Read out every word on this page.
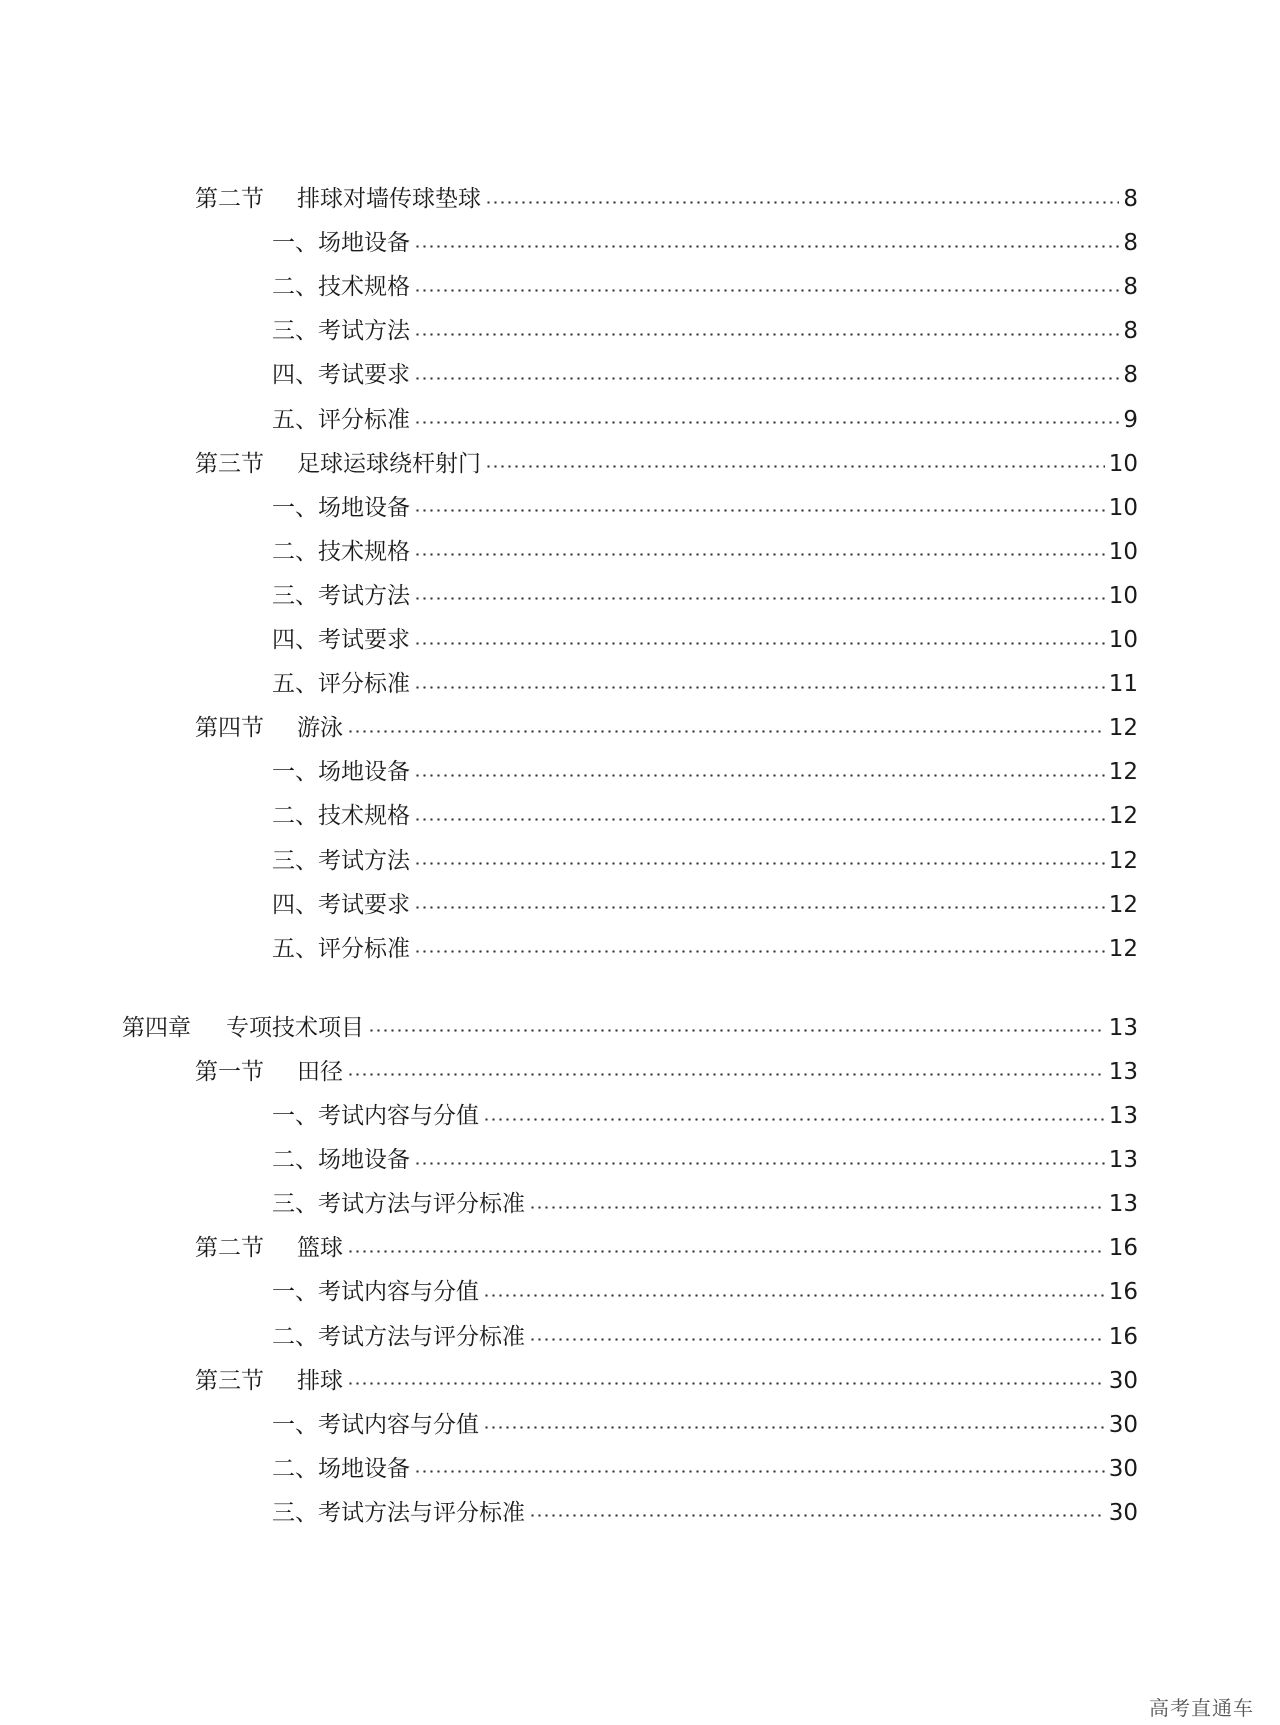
第二节	排球对墙传球垫球	8
一、 场地设备	8
二、 技术规格	8
三、 考试方法	8
四、 考试要求	8
五、 评分标准	9
第三节	足球运球绕杆射门	10
一、 场地设备	10
二、 技术规格	10
三、 考试方法	10
四、 考试要求	10
五、 评分标准	11
第四节	游泳	12
一、 场地设备	12
二、 技术规格	12
三、 考试方法	12
四、 考试要求	12
五、 评分标准	12
第四章	专项技术项目	13
第一节	田径	13
一、 考试内容与分值	13
二、 场地设备	13
三、 考试方法与评分标准	13
第二节	篮球	16
一、 考试内容与分值	16
二、 考试方法与评分标准	16
第三节	排球	30
一、 考试内容与分值	30
二、 场地设备	30
三、 考试方法与评分标准	30
高考直通车
